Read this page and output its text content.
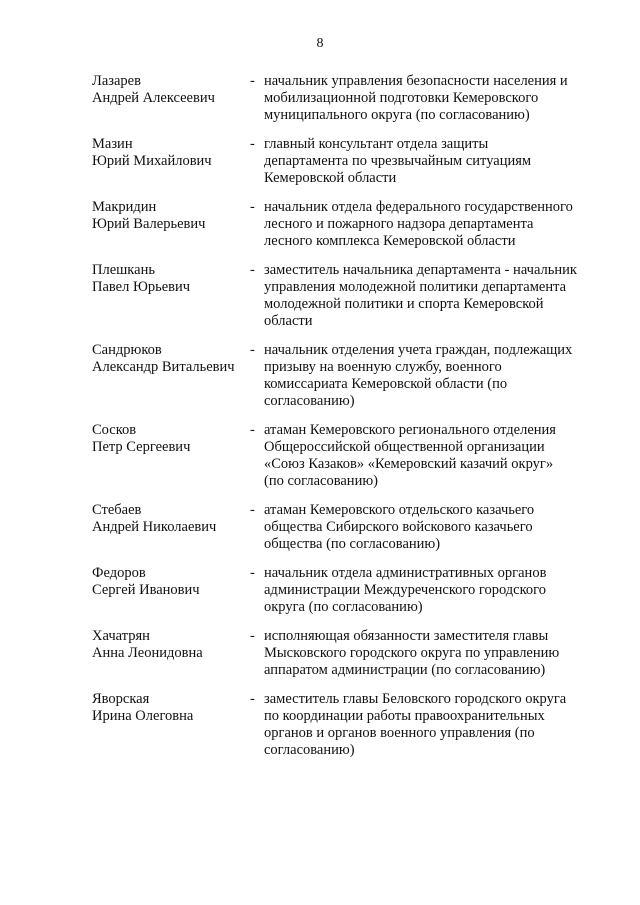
8
Лазарев
Андрей Алексеевич
- начальник управления безопасности населения и
мобилизационной подготовки Кемеровского
муниципального округа (по согласованию)
Мазин
Юрий Михайлович
- главный консультант отдела защиты
департамента по чрезвычайным ситуациям
Кемеровской области
Макридин
Юрий Валерьевич
- начальник отдела федерального государственного
лесного и пожарного надзора департамента
лесного комплекса Кемеровской области
Плешкань
Павел Юрьевич
- заместитель начальника департамента - начальник
управления молодежной политики департамента
молодежной политики и спорта Кемеровской
области
Сандрюков
Александр Витальевич
- начальник отделения учета граждан, подлежащих
призыву на военную службу, военного
комиссариата Кемеровской области (по
согласованию)
Сосков
Петр Сергеевич
- атаман Кемеровского регионального отделения
Общероссийской общественной организации
«Союз Казаков» «Кемеровский казачий округ»
(по согласованию)
Стебаев
Андрей Николаевич
- атаман Кемеровского отдельского казачьего
общества Сибирского войскового казачьего
общества (по согласованию)
Федоров
Сергей Иванович
- начальник отдела административных органов
администрации Междуреченского городского
округа (по согласованию)
Хачатрян
Анна Леонидовна
- исполняющая обязанности заместителя главы
Мысковского городского округа по управлению
аппаратом администрации (по согласованию)
Яворская
Ирина Олеговна
- заместитель главы Беловского городского округа
по координации работы правоохранительных
органов и органов военного управления (по
согласованию)
